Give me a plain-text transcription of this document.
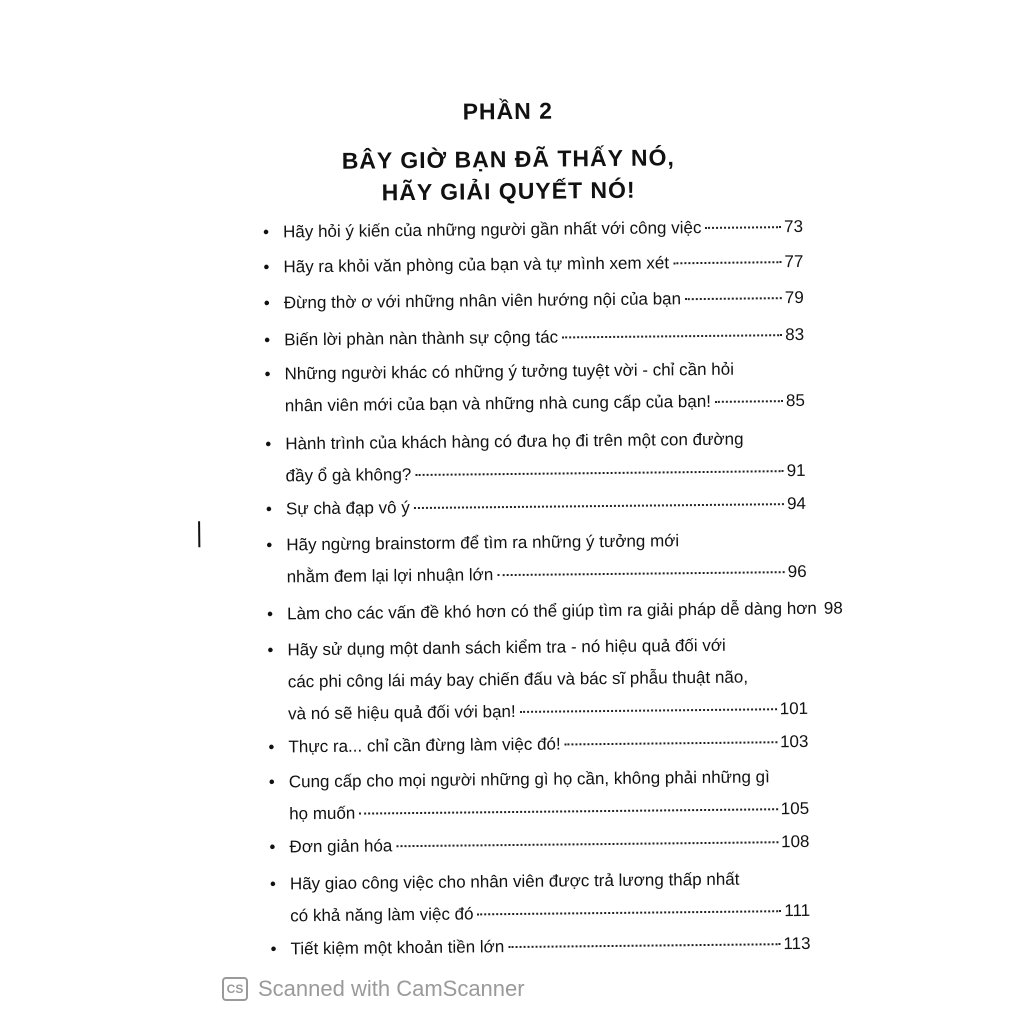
PHẦN 2
BÂY GIỜ BẠN ĐÃ THẤY NÓ,
HÃY GIẢI QUYẾT NÓ!
• Hãy hỏi ý kiến của những người gần nhất với công việc	73
• Hãy ra khỏi văn phòng của bạn và tự mình xem xét	77
• Đừng thờ ơ với những nhân viên hướng nội của bạn	79
• Biến lời phàn nàn thành sự cộng tác	83
• Những người khác có những ý tưởng tuyệt vời - chỉ cần hỏi
nhân viên mới của bạn và những nhà cung cấp của bạn!	85
• Hành trình của khách hàng có đưa họ đi trên một con đường
đầy ổ gà không?	91
• Sự chà đạp vô ý	94
• Hãy ngừng brainstorm để tìm ra những ý tưởng mới
nhằm đem lại lợi nhuận lớn	96
• Làm cho các vấn đề khó hơn có thể giúp tìm ra giải pháp dễ dàng hơn 98
• Hãy sử dụng một danh sách kiểm tra - nó hiệu quả đối với
các phi công lái máy bay chiến đấu và bác sĩ phẫu thuật não,
và nó sẽ hiệu quả đối với bạn!	101
• Thực ra... chỉ cần đừng làm việc đó!	103
• Cung cấp cho mọi người những gì họ cần, không phải những gì
họ muốn	105
• Đơn giản hóa	108
• Hãy giao công việc cho nhân viên được trả lương thấp nhất
có khả năng làm việc đó	111
• Tiết kiệm một khoản tiền lớn	113
CS Scanned with CamScanner
